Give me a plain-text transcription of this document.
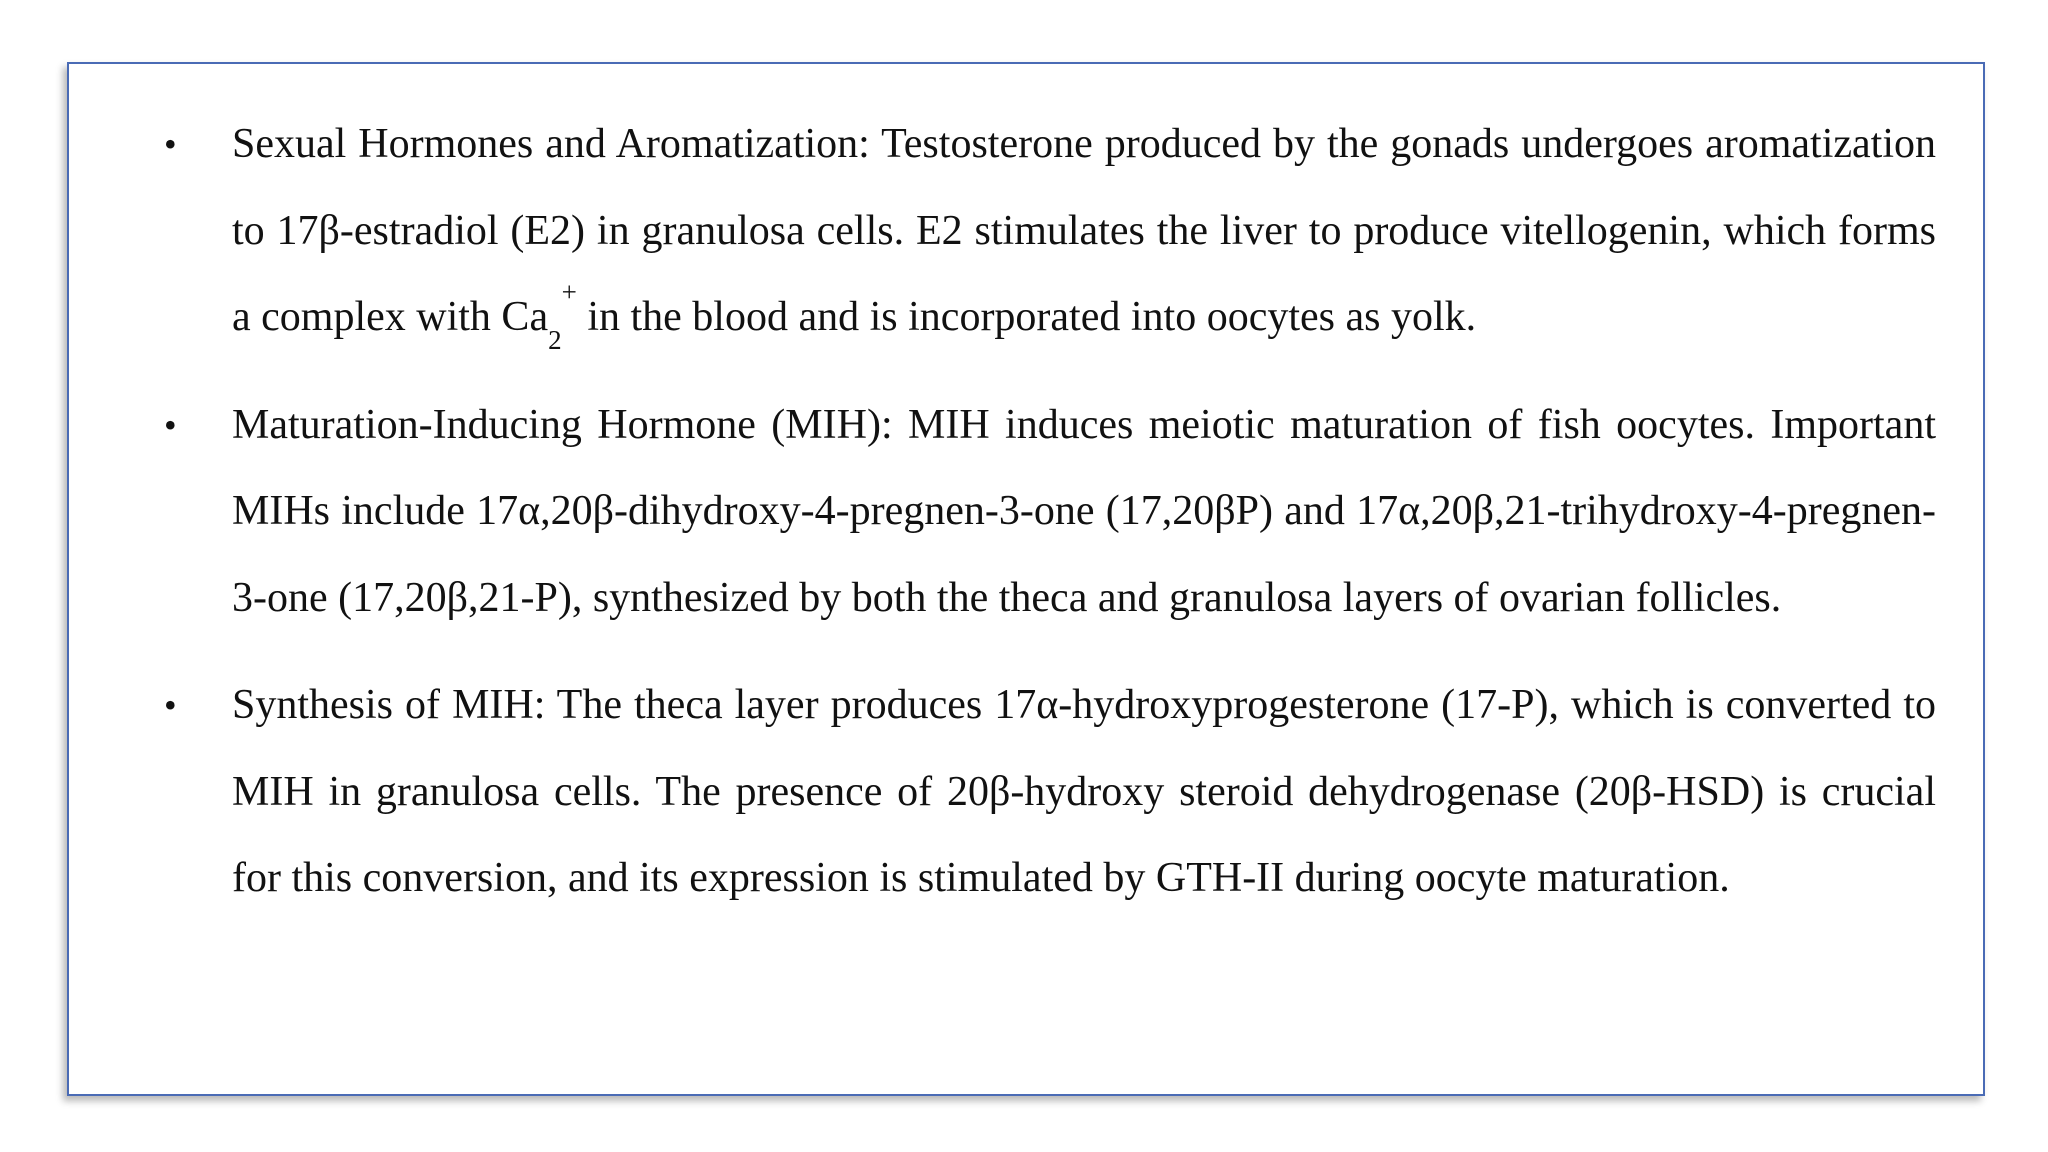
•	Sexual Hormones and Aromatization: Testosterone produced by the gonads undergoes aromatization to 17β-estradiol (E2) in granulosa cells. E2 stimulates the liver to produce vitellogenin, which forms a complex with $Ca_2^+$ in the blood and is incorporated into oocytes as yolk.
•	Maturation-Inducing Hormone (MIH): MIH induces meiotic maturation of fish oocytes. Important MIHs include 17α,20β-dihydroxy-4-pregnen-3-one (17,20βP) and 17α,20β,21-trihydroxy-4-pregnen-3-one (17,20β,21-P), synthesized by both the theca and granulosa layers of ovarian follicles.
•	Synthesis of MIH: The theca layer produces 17α-hydroxyprogesterone (17-P), which is converted to MIH in granulosa cells. The presence of 20β-hydroxy steroid dehydrogenase (20β-HSD) is crucial for this conversion, and its expression is stimulated by GTH-II during oocyte maturation.
